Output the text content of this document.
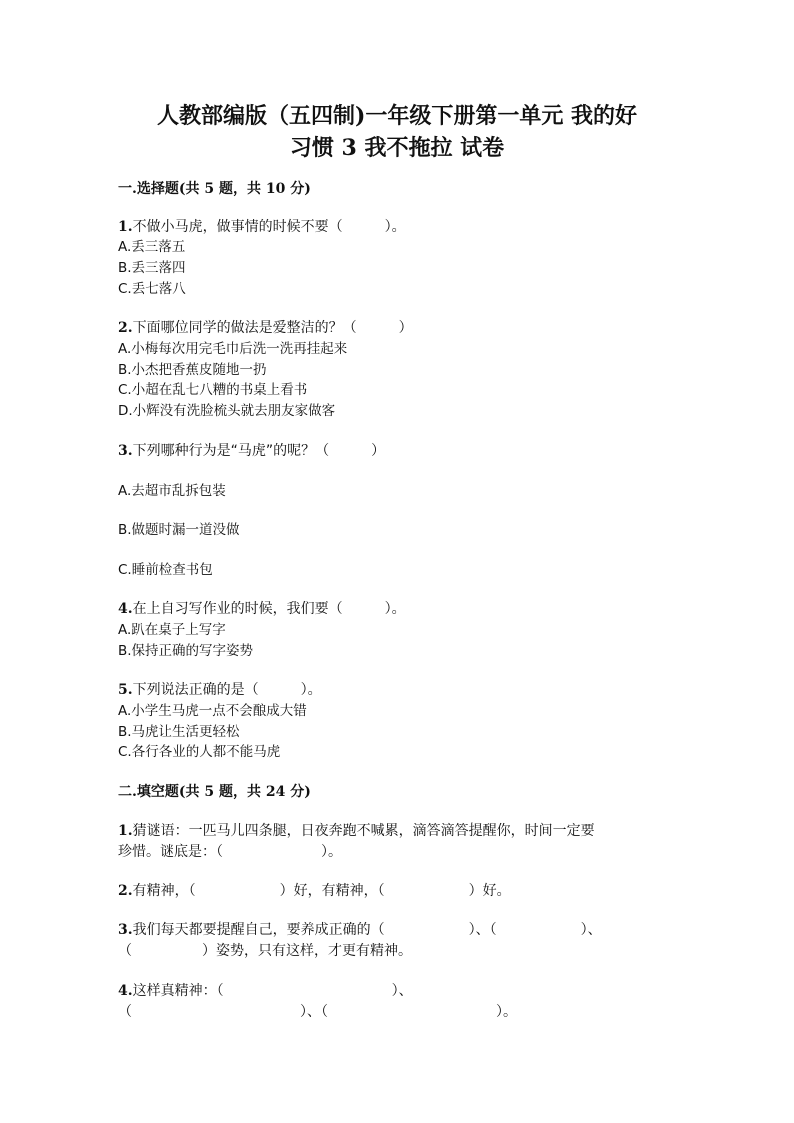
人教部编版（五四制)一年级下册第一单元 我的好
习惯 3 我不拖拉 试卷
一.选择题(共 5 题，共 10 分)
1.不做小马虎，做事情的时候不要（　　　）。
A.丢三落五
B.丢三落四
C.丢七落八
2.下面哪位同学的做法是爱整洁的？（　　　）
A.小梅每次用完毛巾后洗一洗再挂起来
B.小杰把香蕉皮随地一扔
C.小超在乱七八糟的书桌上看书
D.小辉没有洗脸梳头就去朋友家做客
3.下列哪种行为是“马虎”的呢？（　　　）
A.去超市乱拆包装
B.做题时漏一道没做
C.睡前检查书包
4.在上自习写作业的时候，我们要（　　　）。
A.趴在桌子上写字
B.保持正确的写字姿势
5.下列说法正确的是（　　　）。
A.小学生马虎一点不会酿成大错
B.马虎让生活更轻松
C.各行各业的人都不能马虎
二.填空题(共 5 题，共 24 分)
1.猜谜语：一匹马儿四条腿，日夜奔跑不喊累，滴答滴答提醒你，时间一定要
珍惜。谜底是：（　　　　　　　）。
2.有精神，（　　　　　　）好，有精神，（　　　　　　）好。
3.我们每天都要提醒自己，要养成正确的（　　　　　　）、（　　　　　　）、
（　　　　　）姿势，只有这样，才更有精神。
4.这样真精神：（　　　　　　　　　　　　）、
（　　　　　　　　　　　　）、（　　　　　　　　　　　　）。
